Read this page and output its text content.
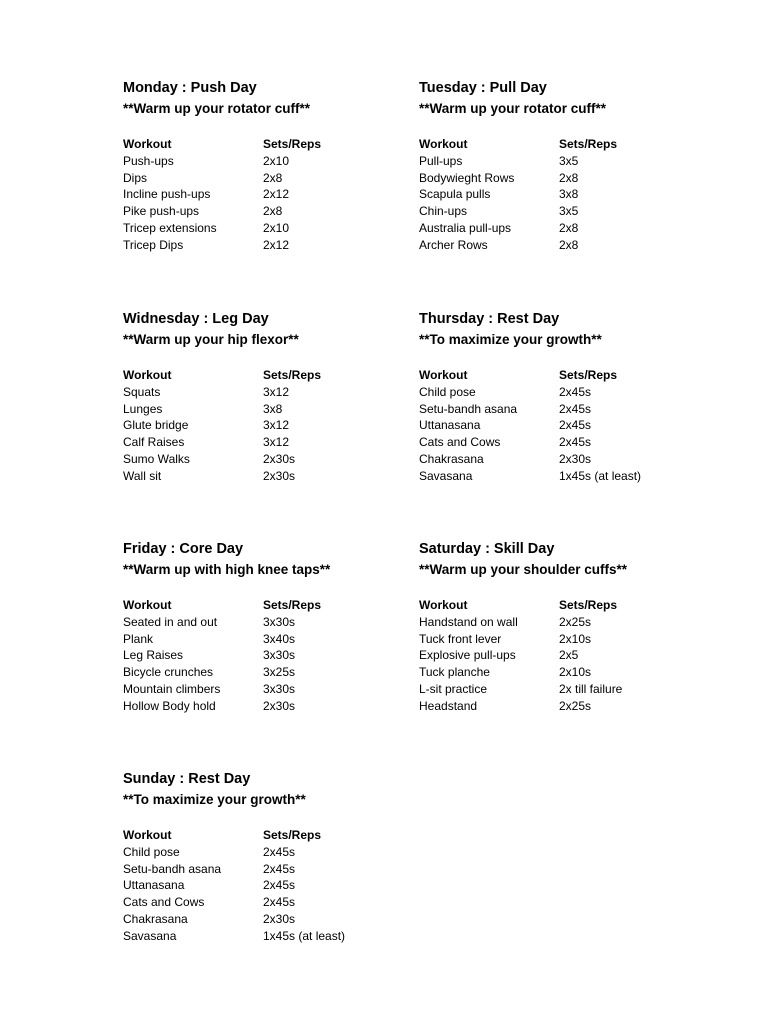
Monday : Push Day
**Warm up your rotator cuff**
Workout	Sets/Reps
Push-ups	2x10
Dips	2x8
Incline push-ups	2x12
Pike push-ups	2x8
Tricep extensions	2x10
Tricep Dips	2x12
Tuesday : Pull Day
**Warm up your rotator cuff**
Workout	Sets/Reps
Pull-ups	3x5
Bodywieght Rows	2x8
Scapula pulls	3x8
Chin-ups	3x5
Australia pull-ups	2x8
Archer Rows	2x8
Widnesday : Leg Day
**Warm up your hip flexor**
Workout	Sets/Reps
Squats	3x12
Lunges	3x8
Glute bridge	3x12
Calf Raises	3x12
Sumo Walks	2x30s
Wall sit	2x30s
Thursday : Rest Day
**To maximize your growth**
Workout	Sets/Reps
Child pose	2x45s
Setu-bandh asana	2x45s
Uttanasana	2x45s
Cats and Cows	2x45s
Chakrasana	2x30s
Savasana	1x45s (at least)
Friday : Core Day
**Warm up with high knee taps**
Workout	Sets/Reps
Seated in and out	3x30s
Plank	3x40s
Leg Raises	3x30s
Bicycle crunches	3x25s
Mountain climbers	3x30s
Hollow Body hold	2x30s
Saturday : Skill Day
**Warm up your shoulder cuffs**
Workout	Sets/Reps
Handstand on wall	2x25s
Tuck front lever	2x10s
Explosive pull-ups	2x5
Tuck planche	2x10s
L-sit practice	2x till failure
Headstand	2x25s
Sunday : Rest Day
**To maximize your growth**
Workout	Sets/Reps
Child pose	2x45s
Setu-bandh asana	2x45s
Uttanasana	2x45s
Cats and Cows	2x45s
Chakrasana	2x30s
Savasana	1x45s (at least)
